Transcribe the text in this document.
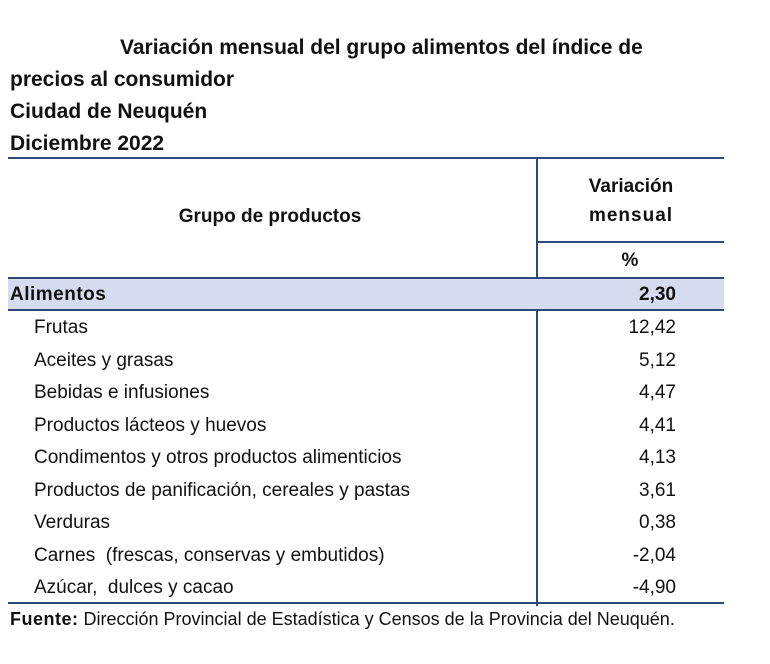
Variación mensual del grupo alimentos del índice de
precios al consumidor
Ciudad de Neuquén
Diciembre 2022
Grupo de productos
Variación
mensual
%
Alimentos	2,30
Frutas	12,42
Aceites y grasas	5,12
Bebidas e infusiones	4,47
Productos lácteos y huevos	4,41
Condimentos y otros productos alimenticios	4,13
Productos de panificación, cereales y pastas	3,61
Verduras	0,38
Carnes  (frescas, conservas y embutidos)	-2,04
Azúcar,  dulces y cacao	-4,90
Fuente: Dirección Provincial de Estadística y Censos de la Provincia del Neuquén.
